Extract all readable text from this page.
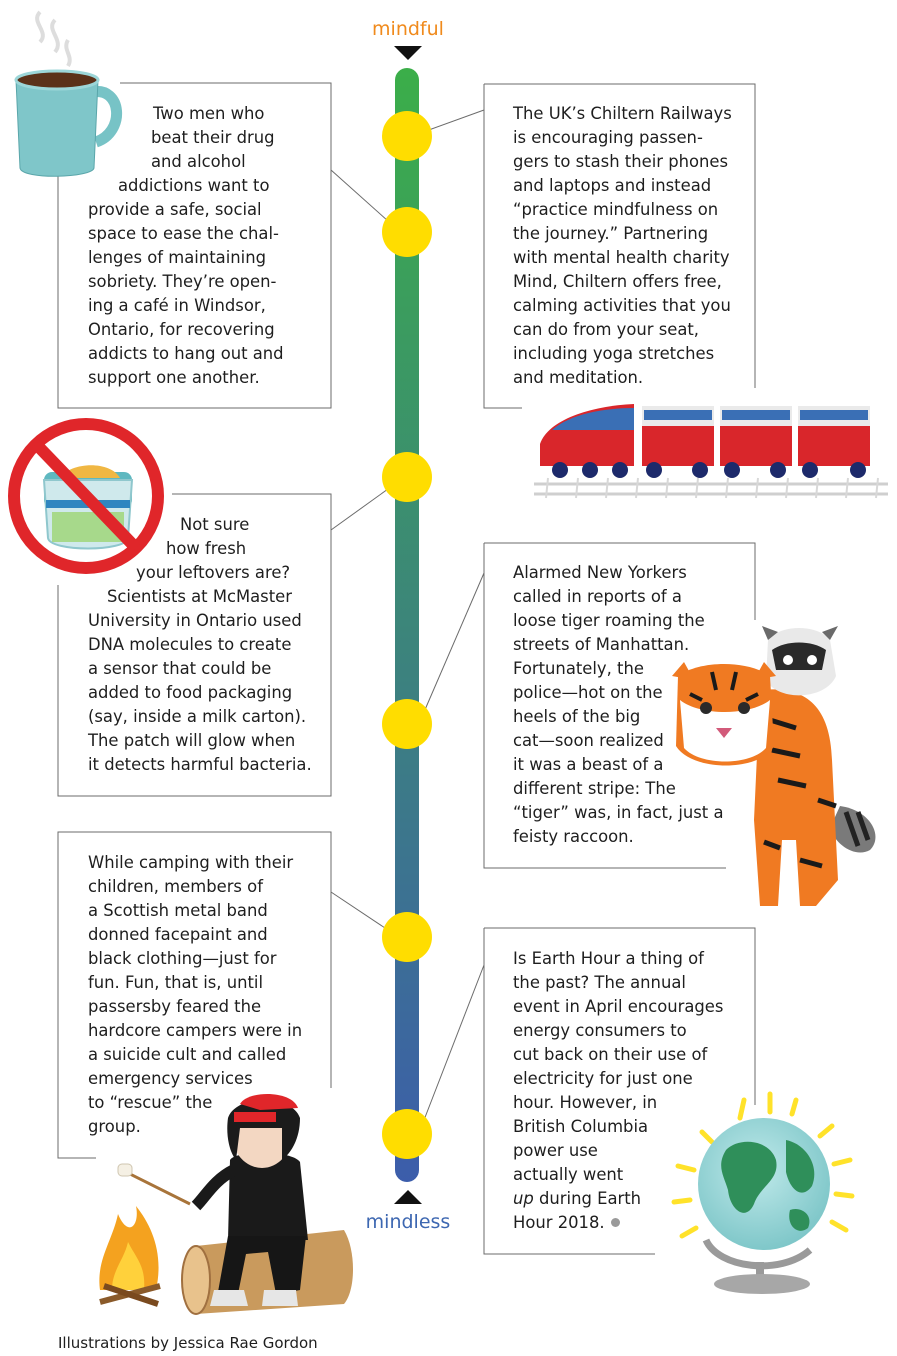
mindful
mindless
Two men who
beat their drug
and alcohol
addictions want to
provide a safe, social
space to ease the chal-
lenges of maintaining
sobriety. They’re open-
ing a café in Windsor,
Ontario, for recovering
addicts to hang out and
support one another.
The UK’s Chiltern Railways
is encouraging passen-
gers to stash their phones
and laptops and instead
“practice mindfulness on
the journey.” Partnering
with mental health charity
Mind, Chiltern offers free,
calming activities that you
can do from your seat,
including yoga stretches
and meditation.
Not sure
how fresh
your leftovers are?
Scientists at McMaster
University in Ontario used
DNA molecules to create
a sensor that could be
added to food packaging
(say, inside a milk carton).
The patch will glow when
it detects harmful bacteria.
Alarmed New Yorkers
called in reports of a
loose tiger roaming the
streets of Manhattan.
Fortunately, the
police—hot on the
heels of the big
cat—soon realized
it was a beast of a
different stripe: The
“tiger” was, in fact, just a
feisty raccoon.
While camping with their
children, members of
a Scottish metal band
donned facepaint and
black clothing—just for
fun. Fun, that is, until
passersby feared the
hardcore campers were in
a suicide cult and called
emergency services
to “rescue” the
group.
Is Earth Hour a thing of
the past? The annual
event in April encourages
energy consumers to
cut back on their use of
electricity for just one
hour. However, in
British Columbia
power use
actually went
up during Earth
Hour 2018.
Illustrations by Jessica Rae Gordon
